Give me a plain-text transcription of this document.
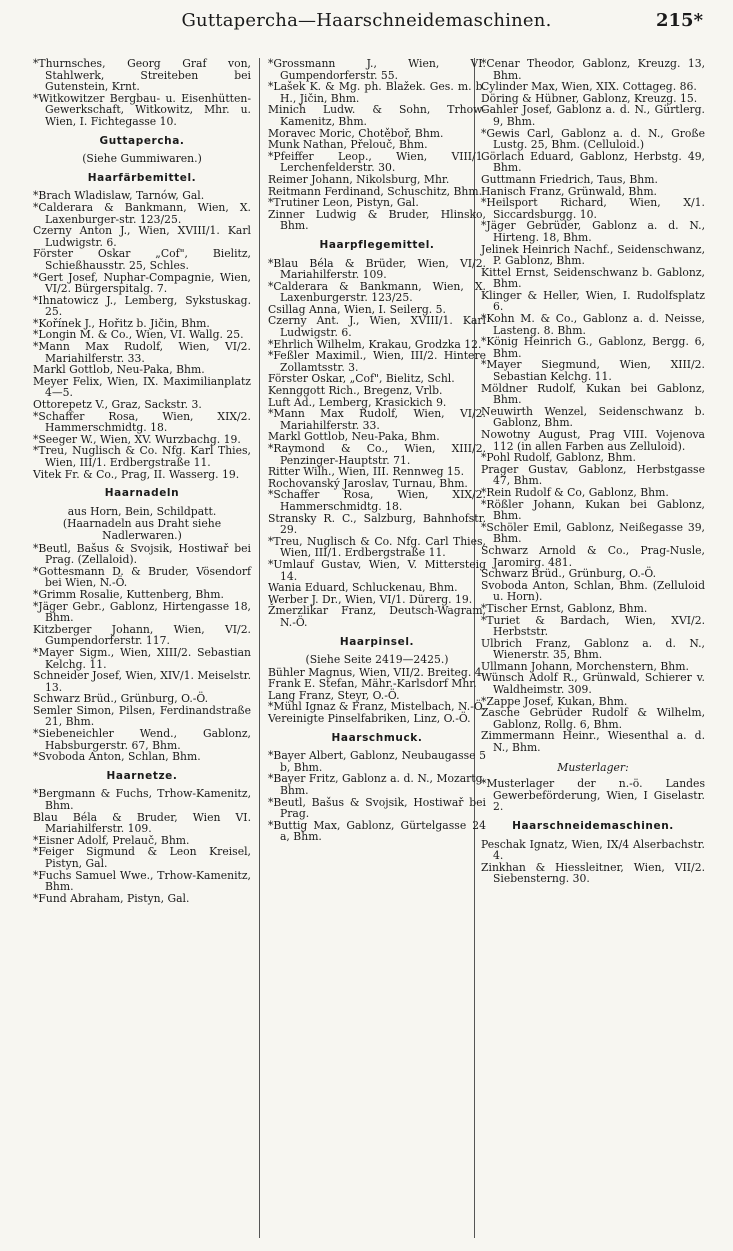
Guttapercha—Haarschneidemaschinen.	215*

*Thurnsches, Georg Graf von, Stahlwerk, Streiteben bei Gutenstein, Krnt.

*Witkowitzer Bergbau- u. Eisenhütten-Gewerkschaft, Witkowitz, Mhr. u. Wien, I. Fichtegasse 10.

Guttapercha.

(Siehe Gummiwaren.)

Haarfärbemittel.

*Brach Wladislaw, Tarnów, Gal.

*Calderara & Bankmann, Wien, X. Laxenburger-str. 123/25.

Czerny Anton J., Wien, XVIII/1. Karl Ludwigstr. 6.

Förster Oskar „Cof", Bielitz, Schießhausstr. 25, Schles.

*Gert Josef, Nuphar-Compagnie, Wien, VI/2. Bürgerspitalg. 7.

*Ihnatowicz J., Lemberg, Sykstuskag. 25.

*Kořínek J., Hořitz b. Jičin, Bhm.

*Longin M. & Co., Wien, VI. Wallg. 25.

*Mann Max Rudolf, Wien, VI/2. Mariahilferstr. 33.

Markl Gottlob, Neu-Paka, Bhm.

Meyer Felix, Wien, IX. Maximilianplatz 4—5.

Ottorepetz V., Graz, Sackstr. 3.

*Schaffer Rosa, Wien, XIX/2. Hammerschmidtg. 18.

*Seeger W., Wien, XV. Wurzbachg. 19.

*Treu, Nuglisch & Co. Nfg. Karl Thies, Wien, III/1. Erdbergstraße 11.

Vitek Fr. & Co., Prag, II. Wasserg. 19.

Haarnadeln

aus Horn, Bein, Schildpatt.

(Haarnadeln aus Draht siehe Nadlerwaren.)

*Beutl, Bašus & Svojsik, Hostiwař bei Prag. (Zellaloid).

*Gottesmann D. & Bruder, Vösendorf bei Wien, N.-Ö.

*Grimm Rosalie, Kuttenberg, Bhm.

*Jäger Gebr., Gablonz, Hirtengasse 18, Bhm.

Kitzberger Johann, Wien, VI/2. Gumpendorferstr. 117.

*Mayer Sigm., Wien, XIII/2. Sebastian Kelchg. 11.

Schneider Josef, Wien, XIV/1. Meiselstr. 13.

Schwarz Brüd., Grünburg, O.-Ö.

Semler Simon, Pilsen, Ferdinandstraße 21, Bhm.

*Siebeneichler Wend., Gablonz, Habsburgerstr. 67, Bhm.

*Svoboda Anton, Schlan, Bhm.

Haarnetze.

*Bergmann & Fuchs, Trhow-Kamenitz, Bhm.

Blau Béla & Bruder, Wien VI. Mariahilferstr. 109.

*Eisner Adolf, Prelauč, Bhm.

*Feiger Sigmund & Leon Kreisel, Pistyn, Gal.

*Fuchs Samuel Wwe., Trhow-Kamenitz, Bhm.

*Fund Abraham, Pistyn, Gal.

*Grossmann J., Wien, VI. Gumpendorferstr. 55.

*Lašek K. & Mg. ph. Blažek. Ges. m. b. H., Jičin, Bhm.

Minich Ludw. & Sohn, Trhow-Kamenitz, Bhm.

Moravec Moric, Chotěboř, Bhm.

Munk Nathan, Přelouč, Bhm.

*Pfeiffer Leop., Wien, VIII/1. Lerchenfelderstr. 30.

Reimer Johann, Nikolsburg, Mhr.

Reitmann Ferdinand, Schuschitz, Bhm.

*Trutiner Leon, Pistyn, Gal.

Zinner Ludwig & Bruder, Hlinsko, Bhm.

Haarpflegemittel.

*Blau Béla & Brüder, Wien, VI/2. Mariahilferstr. 109.

*Calderara & Bankmann, Wien, X. Laxenburgerstr. 123/25.

Csillag Anna, Wien, I. Seilerg. 5.

Czerny Ant. J., Wien, XVIII/1. Karl Ludwigstr. 6.

*Ehrlich Wilhelm, Krakau, Grodzka 12.

*Feßler Maximil., Wien, III/2. Hintere Zollamtsstr. 3.

Förster Oskar, „Cof", Bielitz, Schl.

Kennggott Rich., Bregenz, Vrlb.

Luft Ad., Lemberg, Krasickich 9.

*Mann Max Rudolf, Wien, VI/2. Mariahilferstr. 33.

Markl Gottlob, Neu-Paka, Bhm.

*Raymond & Co., Wien, XIII/2. Penzinger-Hauptstr. 71.

Ritter Wilh., Wien, III. Rennweg 15.

Rochovanský Jaroslav, Turnau, Bhm.

*Schaffer Rosa, Wien, XIX/2. Hammerschmidtg. 18.

Stransky R. C., Salzburg, Bahnhofstr. 29.

*Treu, Nuglisch & Co. Nfg. Carl Thies, Wien, III/1. Erdbergstraße 11.

*Umlauf Gustav, Wien, V. Mittersteig 14.

Wania Eduard, Schluckenau, Bhm.

Werber J. Dr., Wien, VI/1. Dürerg. 19.

Žmerzlikar Franz, Deutsch-Wagram, N.-Ö.

Haarpinsel.

(Siehe Seite 2419—2425.)

Bühler Magnus, Wien, VII/2. Breiteg. 4.

Frank E. Stefan, Mähr.-Karlsdorf Mhr.

Lang Franz, Steyr, O.-Ö.

*Mühl Ignaz & Franz, Mistelbach, N.-Ö.

Vereinigte Pinselfabriken, Linz, O.-Ö.

Haarschmuck.

*Bayer Albert, Gablonz, Neubaugasse 5 b, Bhm.

*Bayer Fritz, Gablonz a. d. N., Mozartg. Bhm.

*Beutl, Bašus & Svojsik, Hostiwař bei Prag.

*Buttig Max, Gablonz, Gürtelgasse 24 a, Bhm.

*Cenar Theodor, Gablonz, Kreuzg. 13, Bhm.

Cylinder Max, Wien, XIX. Cottageg. 86.

Döring & Hübner, Gablonz, Kreuzg. 15.

Gahler Josef, Gablonz a. d. N., Gürtlerg. 9, Bhm.

*Gewis Carl, Gablonz a. d. N., Große Lustg. 25, Bhm. (Celluloid.)

Görlach Eduard, Gablonz, Herbstg. 49, Bhm.

Guttmann Friedrich, Taus, Bhm.

Hanisch Franz, Grünwald, Bhm.

*Heilsport Richard, Wien, X/1. Siccardsburgg. 10.

*Jäger Gebrüder, Gablonz a. d. N., Hirteng. 18, Bhm.

Jelinek Heinrich Nachf., Seidenschwanz, P. Gablonz, Bhm.

Kittel Ernst, Seidenschwanz b. Gablonz, Bhm.

Klinger & Heller, Wien, I. Rudolfsplatz 6.

*Kohn M. & Co., Gablonz a. d. Neisse, Lasteng. 8. Bhm.

*König Heinrich G., Gablonz, Bergg. 6, Bhm.

*Mayer Siegmund, Wien, XIII/2. Sebastian Kelchg. 11.

Möldner Rudolf, Kukan bei Gablonz, Bhm.

Neuwirth Wenzel, Seidenschwanz b. Gablonz, Bhm.

Nowotny August, Prag VIII. Vojenova 112 (in allen Farben aus Zelluloid).

*Pohl Rudolf, Gablonz, Bhm.

Prager Gustav, Gablonz, Herbstgasse 47, Bhm.

*Rein Rudolf & Co, Gablonz, Bhm.

*Rößler Johann, Kukan bei Gablonz, Bhm.

*Schöler Emil, Gablonz, Neißegasse 39, Bhm.

Schwarz Arnold & Co., Prag-Nusle, Jaromirg. 481.

Schwarz Brüd., Grünburg, O.-Ö.

Svoboda Anton, Schlan, Bhm. (Zelluloid u. Horn).

*Tischer Ernst, Gablonz, Bhm.

*Turiet & Bardach, Wien, XVI/2. Herbststr.

Ulbrich Franz, Gablonz a. d. N., Wienerstr. 35, Bhm.

Ullmann Johann, Morchenstern, Bhm.

Wünsch Adolf R., Grünwald, Schierer v. Waldheimstr. 309.

*Zappe Josef, Kukan, Bhm.

Zasche Gebrüder Rudolf & Wilhelm, Gablonz, Rollg. 6, Bhm.

Zimmermann Heinr., Wiesenthal a. d. N., Bhm.

Musterlager:

*Musterlager der n.-ö. Landes Gewerbeförderung, Wien, I Giselastr. 2.

Haarschneidemaschinen.

Peschak Ignatz, Wien, IX/4 Alserbachstr. 4.

Zinkhan & Hiessleitner, Wien, VII/2. Siebensterng. 30.
